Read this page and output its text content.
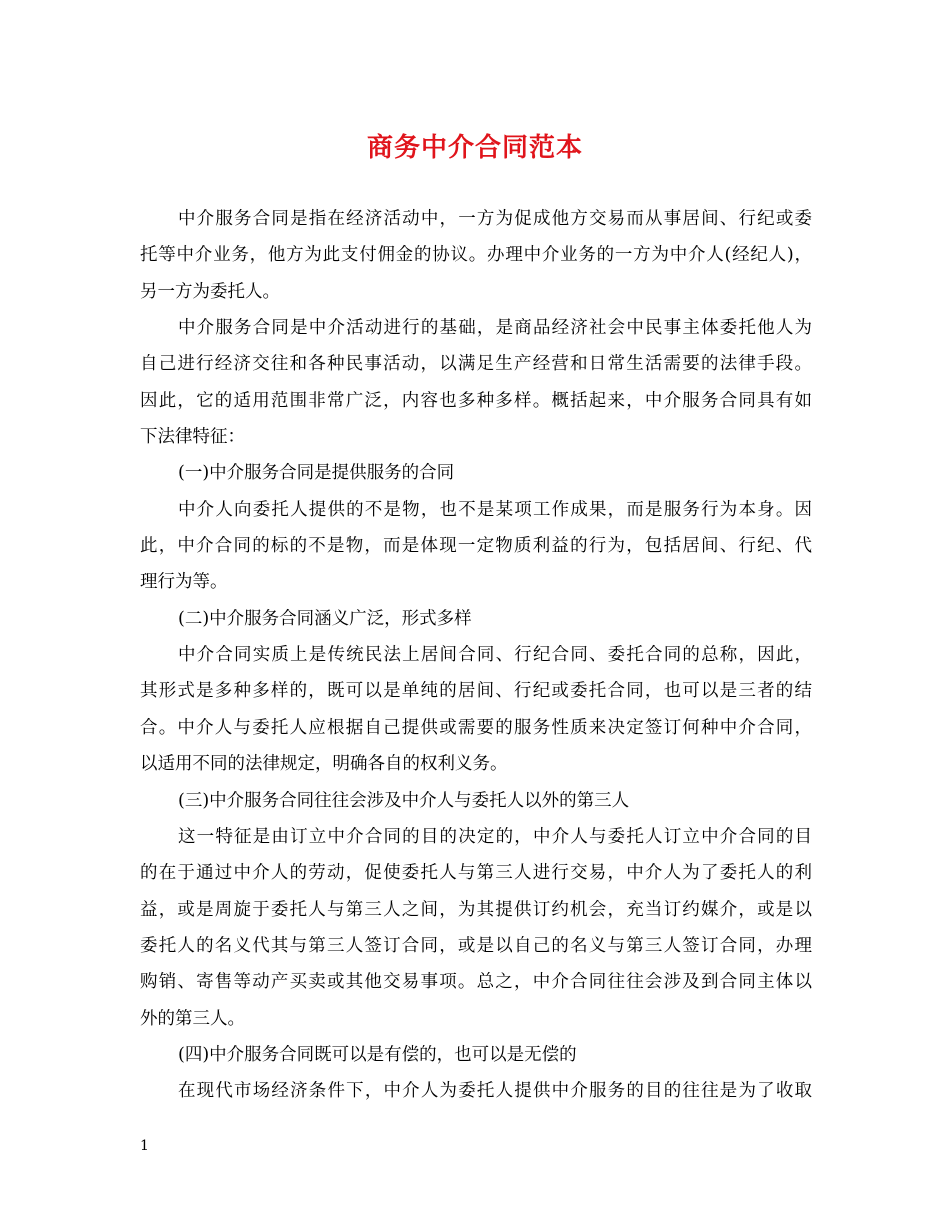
商务中介合同范本
中介服务合同是指在经济活动中，一方为促成他方交易而从事居间、行纪或委
托等中介业务，他方为此支付佣金的协议。办理中介业务的一方为中介人(经纪人)，
另一方为委托人。
中介服务合同是中介活动进行的基础，是商品经济社会中民事主体委托他人为
自己进行经济交往和各种民事活动，以满足生产经营和日常生活需要的法律手段。
因此，它的适用范围非常广泛，内容也多种多样。概括起来，中介服务合同具有如
下法律特征：
(一)中介服务合同是提供服务的合同
中介人向委托人提供的不是物，也不是某项工作成果，而是服务行为本身。因
此，中介合同的标的不是物，而是体现一定物质利益的行为，包括居间、行纪、代
理行为等。
(二)中介服务合同涵义广泛，形式多样
中介合同实质上是传统民法上居间合同、行纪合同、委托合同的总称，因此，
其形式是多种多样的，既可以是单纯的居间、行纪或委托合同，也可以是三者的结
合。中介人与委托人应根据自己提供或需要的服务性质来决定签订何种中介合同，
以适用不同的法律规定，明确各自的权利义务。
(三)中介服务合同往往会涉及中介人与委托人以外的第三人
这一特征是由订立中介合同的目的决定的，中介人与委托人订立中介合同的目
的在于通过中介人的劳动，促使委托人与第三人进行交易，中介人为了委托人的利
益，或是周旋于委托人与第三人之间，为其提供订约机会，充当订约媒介，或是以
委托人的名义代其与第三人签订合同，或是以自己的名义与第三人签订合同，办理
购销、寄售等动产买卖或其他交易事项。总之，中介合同往往会涉及到合同主体以
外的第三人。
(四)中介服务合同既可以是有偿的，也可以是无偿的
在现代市场经济条件下，中介人为委托人提供中介服务的目的往往是为了收取
1
